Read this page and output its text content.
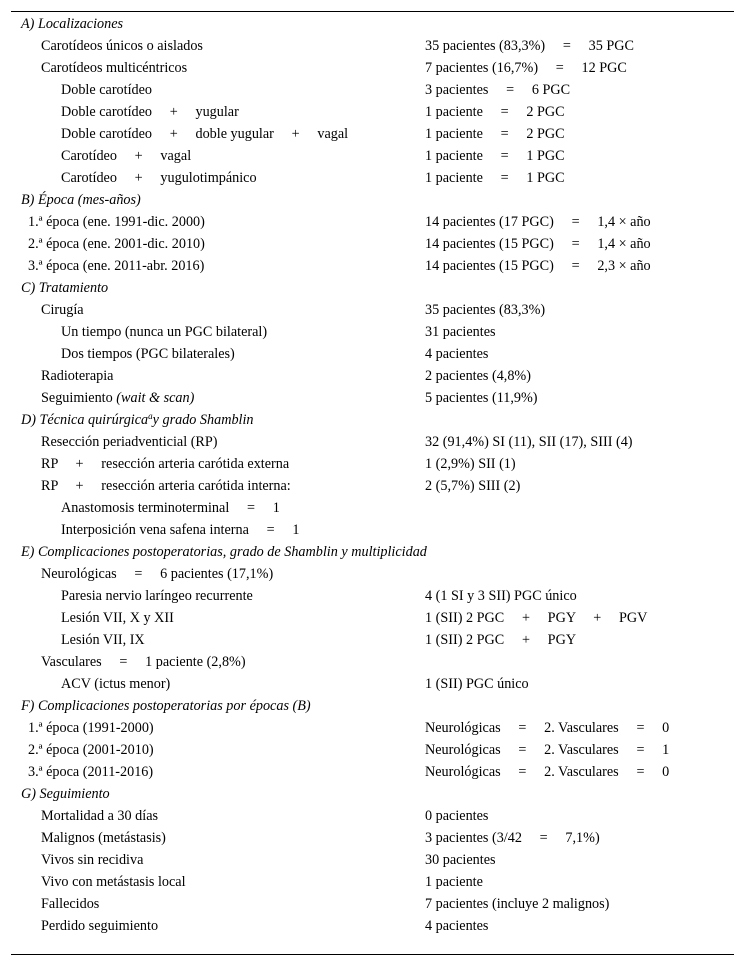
A) Localizaciones
Carotídeos únicos o aislados	35 pacientes (83,3%)     =     35 PGC
Carotídeos multicéntricos	7 pacientes (16,7%)     =     12 PGC
Doble carotídeo	3 pacientes     =     6 PGC
Doble carotídeo     +     yugular	1 paciente     =     2 PGC
Doble carotídeo     +     doble yugular     +     vagal	1 paciente     =     2 PGC
Carotídeo     +     vagal	1 paciente     =     1 PGC
Carotídeo     +     yugulotimpánico	1 paciente     =     1 PGC
B) Época (mes-años)
1.ª época (ene. 1991-dic. 2000)	14 pacientes (17 PGC)     =     1,4 × año
2.ª época (ene. 2001-dic. 2010)	14 pacientes (15 PGC)     =     1,4 × año
3.ª época (ene. 2011-abr. 2016)	14 pacientes (15 PGC)     =     2,3 × año
C) Tratamiento
Cirugía	35 pacientes (83,3%)
Un tiempo (nunca un PGC bilateral)	31 pacientes
Dos tiempos (PGC bilaterales)	4 pacientes
Radioterapia	2 pacientes (4,8%)
Seguimiento (wait & scan)	5 pacientes (11,9%)
D) Técnica quirúrgica$^a$y grado Shamblin
Resección periadventicial (RP)	32 (91,4%) SI (11), SII (17), SIII (4)
RP     +     resección arteria carótida externa	1 (2,9%) SII (1)
RP     +     resección arteria carótida interna:	2 (5,7%) SIII (2)
Anastomosis terminoterminal     =     1
Interposición vena safena interna     =     1
E) Complicaciones postoperatorias, grado de Shamblin y multiplicidad
Neurológicas     =     6 pacientes (17,1%)
Paresia nervio laríngeo recurrente	4 (1 SI y 3 SII) PGC único
Lesión VII, X y XII	1 (SII) 2 PGC     +     PGY     +     PGV
Lesión VII, IX	1 (SII) 2 PGC     +     PGY
Vasculares     =     1 paciente (2,8%)
ACV (ictus menor)	1 (SII) PGC único
F) Complicaciones postoperatorias por épocas (B)
1.ª época (1991-2000)	Neurológicas     =     2. Vasculares     =     0
2.ª época (2001-2010)	Neurológicas     =     2. Vasculares     =     1
3.ª época (2011-2016)	Neurológicas     =     2. Vasculares     =     0
G) Seguimiento
Mortalidad a 30 días	0 pacientes
Malignos (metástasis)	3 pacientes (3/42     =     7,1%)
Vivos sin recidiva	30 pacientes
Vivo con metástasis local	1 paciente
Fallecidos	7 pacientes (incluye 2 malignos)
Perdido seguimiento	4 pacientes
